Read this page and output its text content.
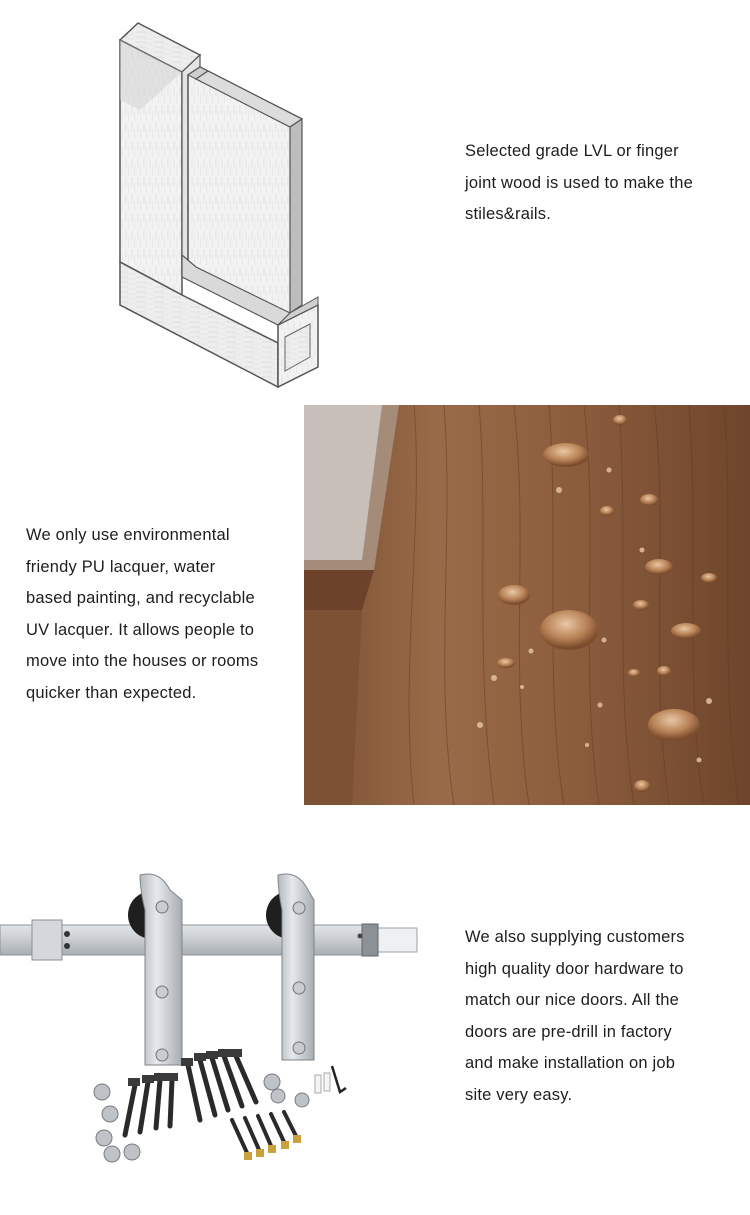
Selected grade LVL or finger

joint wood is used to make the

stiles&rails.

We only use environmental

friendy PU lacquer, water

based painting, and recyclable

UV lacquer. It allows people to

move into the houses or rooms

quicker than expected.

We also supplying customers

high quality door hardware to

match our nice doors. All the

doors are pre-drill in factory

and make installation on job

site very easy.
